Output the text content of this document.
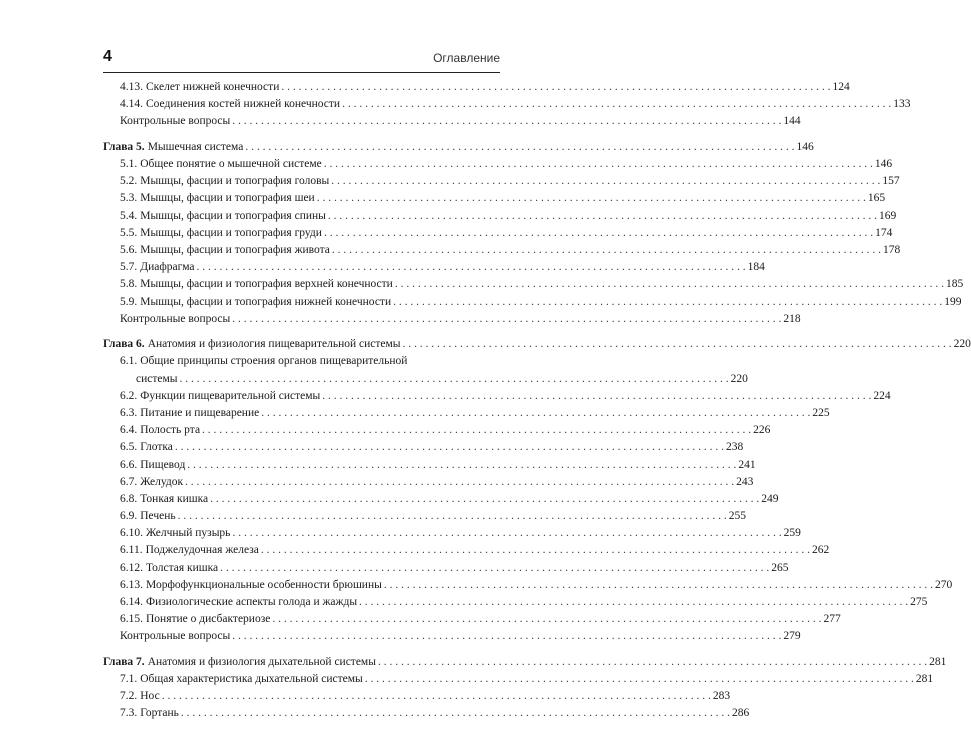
4	Оглавление
4.13. Скелет нижней конечности . . .	124
4.14. Соединения костей нижней конечности . . .	133
Контрольные вопросы . . .	144
Глава 5. Мышечная система . . .	146
5.1. Общее понятие о мышечной системе . . .	146
5.2. Мышцы, фасции и топография головы . . .	157
5.3. Мышцы, фасции и топография шеи . . .	165
5.4. Мышцы, фасции и топография спины . . .	169
5.5. Мышцы, фасции и топография груди . . .	174
5.6. Мышцы, фасции и топография живота . . .	178
5.7. Диафрагма . . .	184
5.8. Мышцы, фасции и топография верхней конечности . . .	185
5.9. Мышцы, фасции и топография нижней конечности . . .	199
Контрольные вопросы . . .	218
Глава 6. Анатомия и физиология пищеварительной системы . . .	220
6.1. Общие принципы строения органов пищеварительной
системы . . .	220
6.2. Функции пищеварительной системы . . .	224
6.3. Питание и пищеварение . . .	225
6.4. Полость рта . . .	226
6.5. Глотка . . .	238
6.6. Пищевод . . .	241
6.7. Желудок . . .	243
6.8. Тонкая кишка . . .	249
6.9. Печень . . .	255
6.10. Желчный пузырь . . .	259
6.11. Поджелудочная железа . . .	262
6.12. Толстая кишка . . .	265
6.13. Морфофункциональные особенности брюшины . . .	270
6.14. Физиологические аспекты голода и жажды . . .	275
6.15. Понятие о дисбактериозе . . .	277
Контрольные вопросы . . .	279
Глава 7. Анатомия и физиология дыхательной системы . . .	281
7.1. Общая характеристика дыхательной системы . . .	281
7.2. Нос . . .	283
7.3. Гортань . . .	286
